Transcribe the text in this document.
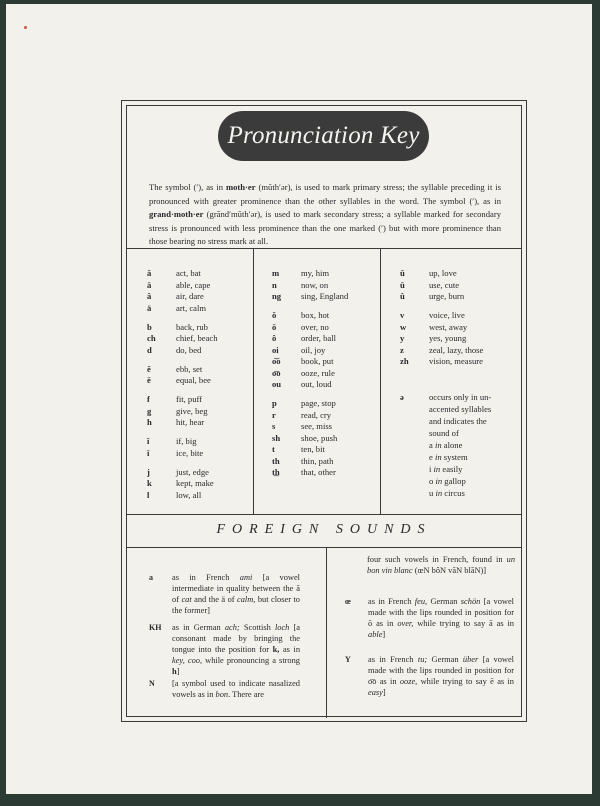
Pronunciation Key
The symbol (ʹ), as in moth·er (mŭthʹər), is used to mark primary stress; the syllable preceding it is pronounced with greater prominence than the other syllables in the word. The symbol (ʹ), as in grand·moth·er (grăndʹmŭthʹər), is used to mark secondary stress; a syllable marked for secondary stress is pronounced with less prominence than the one marked (ʹ) but with more prominence than those bearing no stress mark at all.
ă	act, bat
ā	able, cape
â	air, dare
ä	art, calm
b	back, rub
ch	chief, beach
d	do, bed
ĕ	ebb, set
ē	equal, bee
f	fit, puff
g	give, beg
h	hit, hear
ĭ	if, big
ī	ice, bite
j	just, edge
k	kept, make
l	low, all
m	my, him
n	now, on
ng	sing, England
ŏ	box, hot
ō	over, no
ô	order, ball
oi	oil, joy
o͝o	book, put
o͞o	ooze, rule
ou	out, loud
p	page, stop
r	read, cry
s	see, miss
sh	shoe, push
t	ten, bit
th	thin, path
t͟h	that, other
ŭ	up, love
ū	use, cute
û	urge, burn
v	voice, live
w	west, away
y	yes, young
z	zeal, lazy, those
zh	vision, measure
ə	occurs only in un-
accented syllables
and indicates the
sound of
a in alone
e in system
i in easily
o in gallop
u in circus
FOREIGN SOUNDS
a as in French ami [a vowel intermediate in quality between the ă of cat and the ä of calm, but closer to the former]
KH as in German ach; Scottish loch [a consonant made by bringing the tongue into the position for k, as in key, coo, while pronouncing a strong h]
N [a symbol used to indicate nasalized vowels as in bon. There are
four such vowels in French, found in un bon vin blanc (œN bôN văN blăN)]
œ as in French feu, German schön [a vowel made with the lips rounded in position for ō as in over, while trying to say ā as in able]
Y as in French tu; German über [a vowel made with the lips rounded in position for o͞o as in ooze, while trying to say ē as in easy]
